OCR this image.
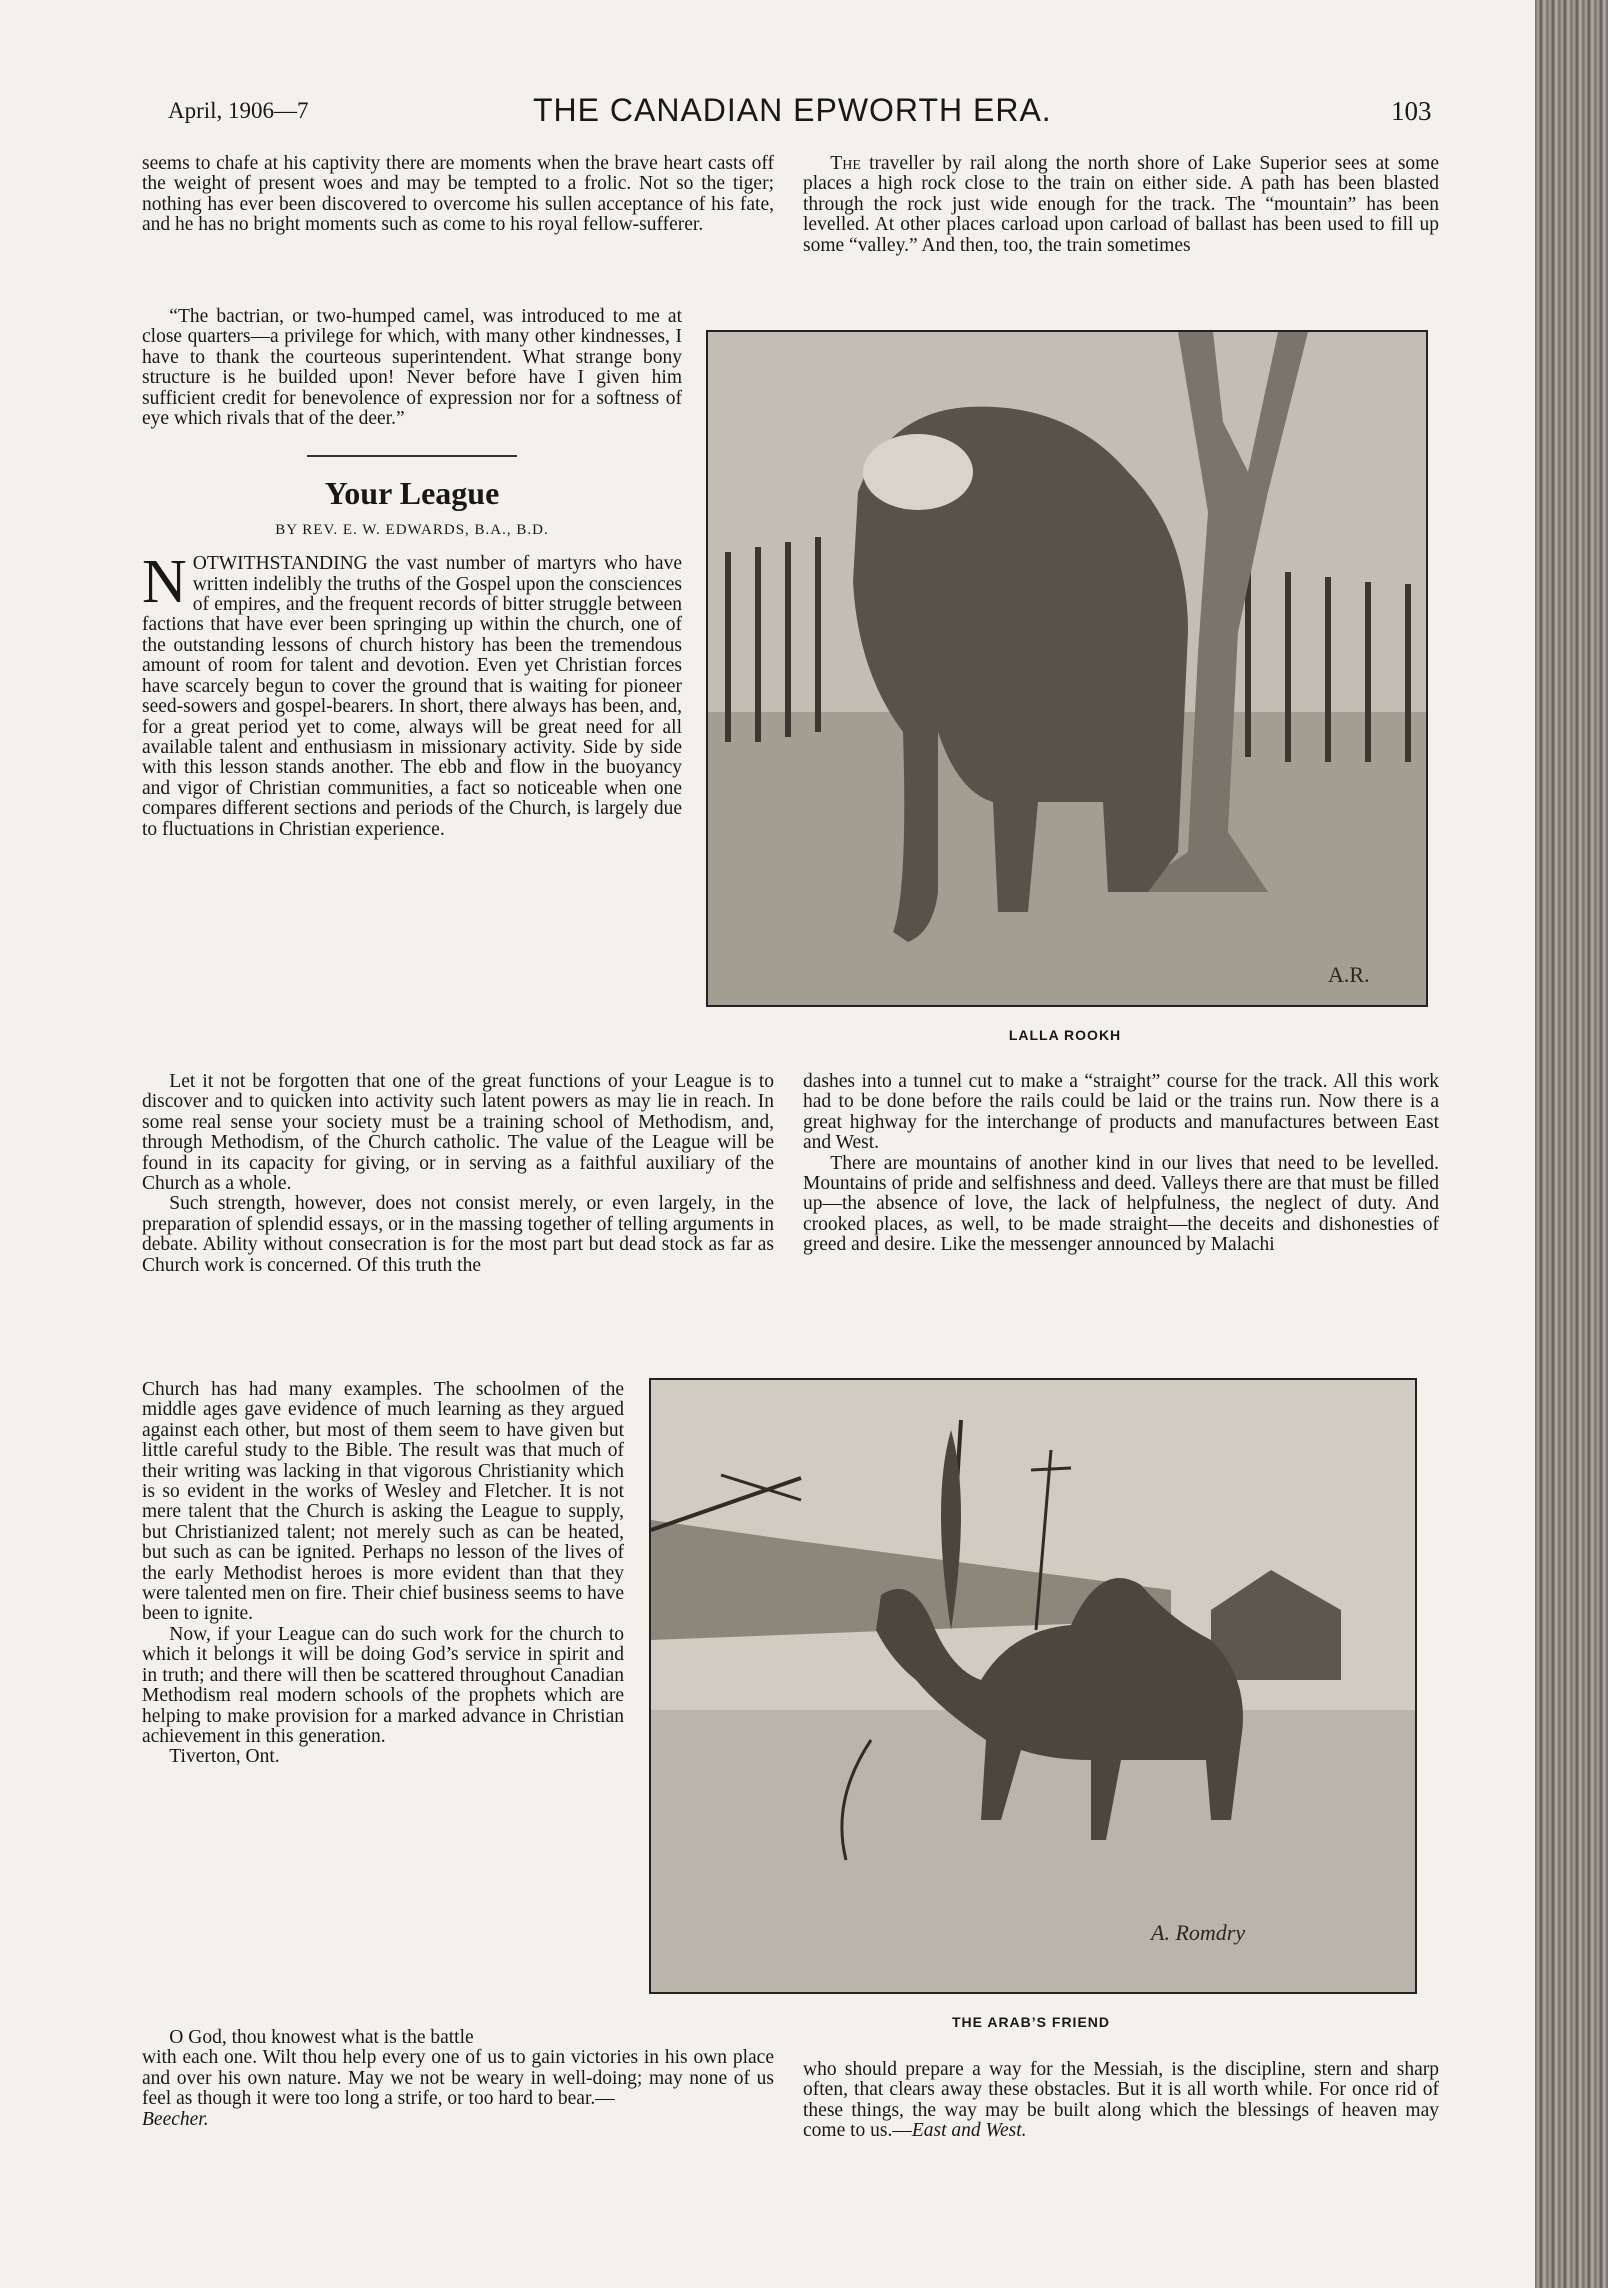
April, 1906—7	THE CANADIAN EPWORTH ERA.	103

seems to chafe at his captivity there are moments when the brave heart casts off the weight of present woes and may be tempted to a frolic. Not so the tiger; nothing has ever been discovered to overcome his sullen acceptance of his fate, and he has no bright moments such as come to his royal fellow-sufferer.

“The bactrian, or two-humped camel, was introduced to me at close quarters—a privilege for which, with many other kindnesses, I have to thank the courteous superintendent. What strange bony structure is he builded upon! Never before have I given him sufficient credit for benevolence of expression nor for a softness of eye which rivals that of the deer.”

Your League
BY REV. E. W. EDWARDS, B.A., B.D.

NOTWITHSTANDING the vast number of martyrs who have written indelibly the truths of the Gospel upon the consciences of empires, and the frequent records of bitter struggle between factions that have ever been springing up within the church, one of the outstanding lessons of church history has been the tremendous amount of room for talent and devotion. Even yet Christian forces have scarcely begun to cover the ground that is waiting for pioneer seed-sowers and gospel-bearers. In short, there always has been, and, for a great period yet to come, always will be great need for all available talent and enthusiasm in missionary activity. Side by side with this lesson stands another. The ebb and flow in the buoyancy and vigor of Christian communities, a fact so noticeable when one compares different sections and periods of the Church, is largely due to fluctuations in Christian experience.

Let it not be forgotten that one of the great functions of your League is to discover and to quicken into activity such latent powers as may lie in reach. In some real sense your society must be a training school of Methodism, and, through Methodism, of the Church catholic. The value of the League will be found in its capacity for giving, or in serving as a faithful auxiliary of the Church as a whole.

Such strength, however, does not consist merely, or even largely, in the preparation of splendid essays, or in the massing together of telling arguments in debate. Ability without consecration is for the most part but dead stock as far as Church work is concerned. Of this truth the

Church has had many examples. The schoolmen of the middle ages gave evidence of much learning as they argued against each other, but most of them seem to have given but little careful study to the Bible. The result was that much of their writing was lacking in that vigorous Christianity which is so evident in the works of Wesley and Fletcher. It is not mere talent that the Church is asking the League to supply, but Christianized talent; not merely such as can be heated, but such as can be ignited. Perhaps no lesson of the lives of the early Methodist heroes is more evident than that they were talented men on fire. Their chief business seems to have been to ignite.

Now, if your League can do such work for the church to which it belongs it will be doing God’s service in spirit and in truth; and there will then be scattered throughout Canadian Methodism real modern schools of the prophets which are helping to make provision for a marked advance in Christian achievement in this generation.

Tiverton, Ont.

O God, thou knowest what is the battle

with each one. Wilt thou help every one of us to gain victories in his own place and over his own nature. May we not be weary in well-doing; may none of us feel as though it were too long a strife, or too hard to bear.—
Beecher.

The traveller by rail along the north shore of Lake Superior sees at some places a high rock close to the train on either side. A path has been blasted through the rock just wide enough for the track. The “mountain” has been levelled. At other places carload upon carload of ballast has been used to fill up some “valley.” And then, too, the train sometimes

A.R.
LALLA ROOKH

dashes into a tunnel cut to make a “straight” course for the track. All this work had to be done before the rails could be laid or the trains run. Now there is a great highway for the interchange of products and manufactures between East and West.

There are mountains of another kind in our lives that need to be levelled. Mountains of pride and selfishness and deed. Valleys there are that must be filled up—the absence of love, the lack of helpfulness, the neglect of duty. And crooked places, as well, to be made straight—the deceits and dishonesties of greed and desire. Like the messenger announced by Malachi

A. Romdry
THE ARAB’S FRIEND

who should prepare a way for the Messiah, is the discipline, stern and sharp often, that clears away these obstacles. But it is all worth while. For once rid of these things, the way may be built along which the blessings of heaven may come to us.—East and West.
